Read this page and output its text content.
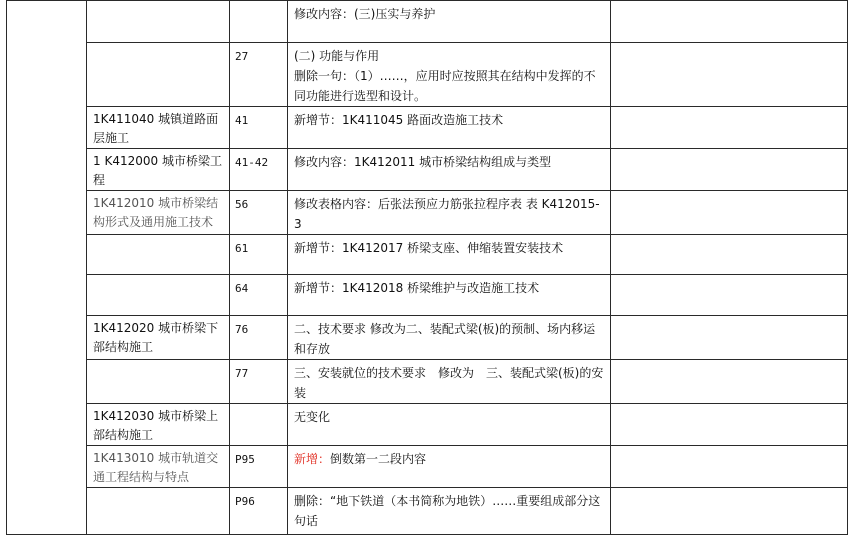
			修改内容：(三)压实与养护	

		27	(二) 功能与作用
删除一句：（1）……，应用时应按照其在结构中发挥的不同功能进行选型和设计。	

	1K411040 城镇道路面层施工	41	新增节：1K411045 路面改造施工技术	

	1 K412000 城市桥梁工程	41-42	修改内容：1K412011 城市桥梁结构组成与类型	

	1K412010 城市桥梁结构形式及通用施工技术	56	修改表格内容：后张法预应力筋张拉程序表 表 K412015-3	

		61	新增节：1K412017 桥梁支座、伸缩装置安装技术	

		64	新增节：1K412018 桥梁维护与改造施工技术	

	1K412020 城市桥梁下部结构施工	76	二、技术要求 修改为二、装配式梁(板)的预制、场内移运和存放	

		77	三、安装就位的技术要求　修改为　三、装配式梁(板)的安装	

	1K412030 城市桥梁上部结构施工		无变化	

	1K413010 城市轨道交通工程结构与特点	P95	新增：倒数第一二段内容	

		P96	删除：“地下铁道（本书简称为地铁）……重要组成部分这句话	
